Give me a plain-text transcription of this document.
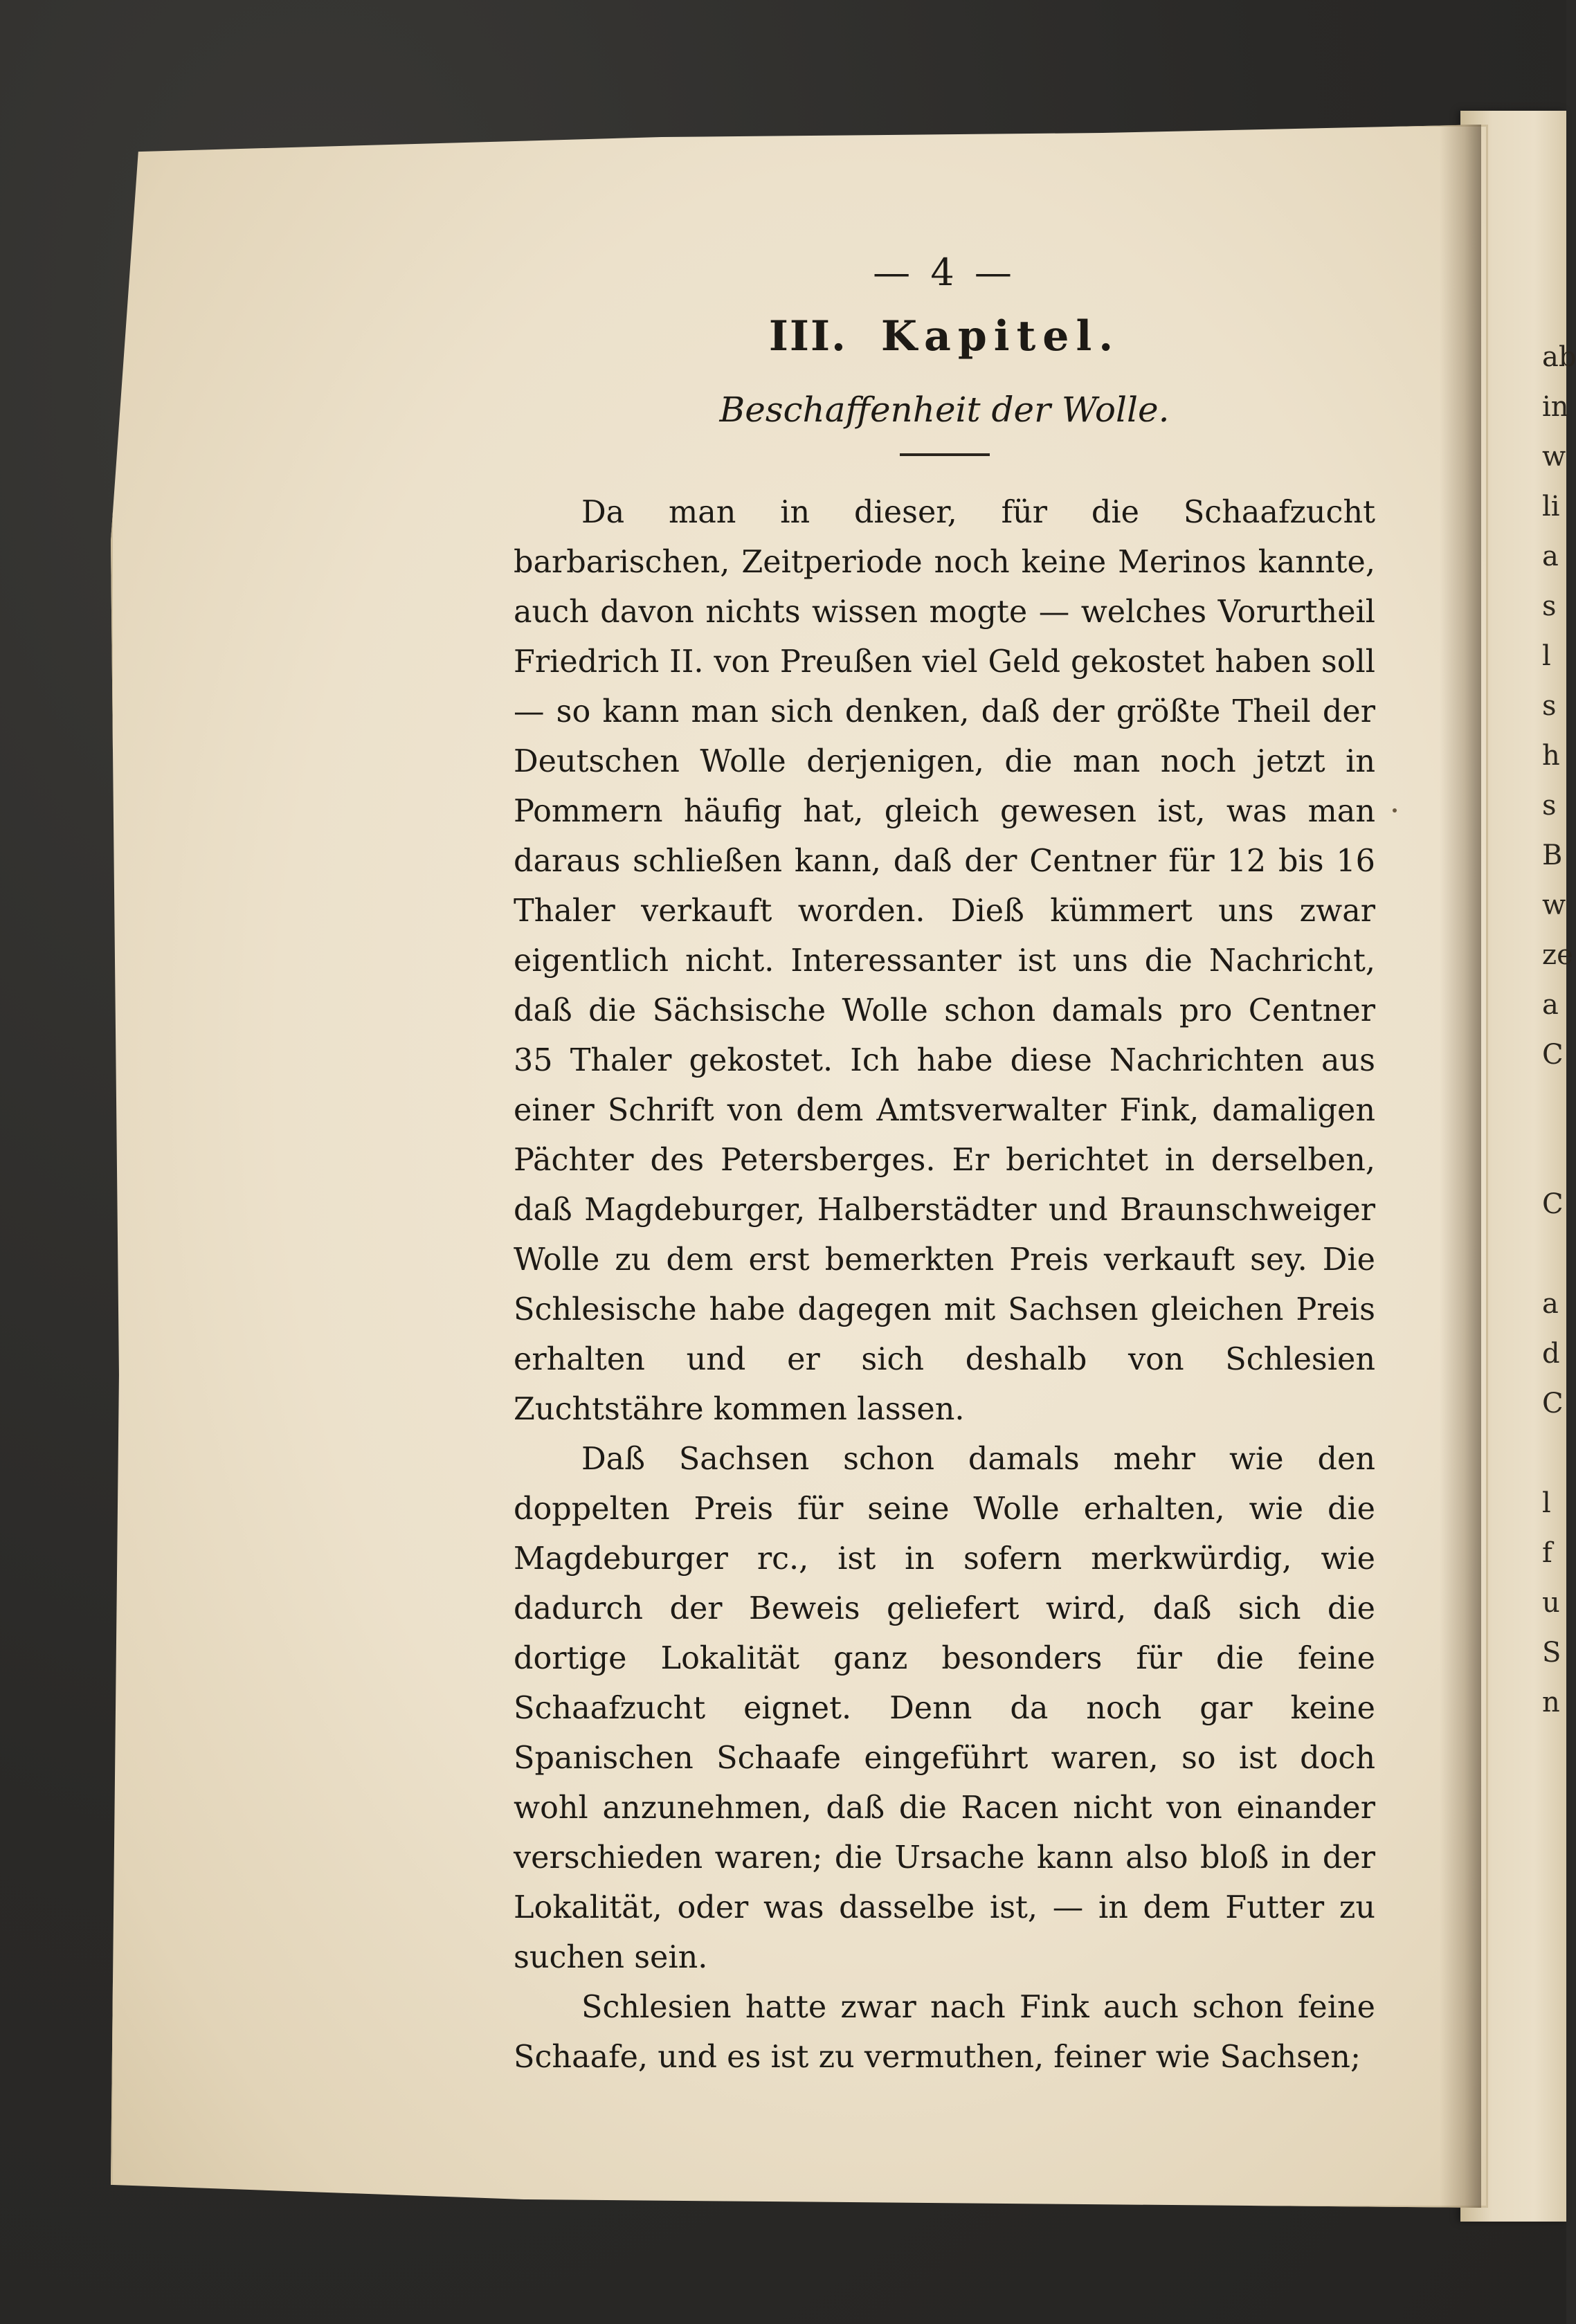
— 4 —
III. Kapitel.
Beschaffenheit der Wolle.

Da man in dieser, für die Schaafzucht barbarischen, Zeitperiode noch keine Merinos kannte, auch davon nichts wissen mogte — welches Vorurtheil Friedrich II. von Preußen viel Geld gekostet haben soll — so kann man sich denken, daß der größte Theil der Deutschen Wolle derjenigen, die man noch jetzt in Pommern häufig hat, gleich gewesen ist, was man daraus schließen kann, daß der Centner für 12 bis 16 Thaler verkauft worden. Dieß kümmert uns zwar eigentlich nicht. Interessanter ist uns die Nachricht, daß die Sächsische Wolle schon damals pro Centner 35 Thaler gekostet. Ich habe diese Nachrichten aus einer Schrift von dem Amtsverwalter Fink, damaligen Pächter des Petersberges. Er berichtet in derselben, daß Magdeburger, Halberstädter und Braunschweiger Wolle zu dem erst bemerkten Preis verkauft sey. Die Schlesische habe dagegen mit Sachsen gleichen Preis erhalten und er sich deshalb von Schlesien Zuchtstähre kommen lassen.

Daß Sachsen schon damals mehr wie den doppelten Preis für seine Wolle erhalten, wie die Magdeburger rc., ist in sofern merkwürdig, wie dadurch der Beweis geliefert wird, daß sich die dortige Lokalität ganz besonders für die feine Schaafzucht eignet. Denn da noch gar keine Spanischen Schaafe eingeführt waren, so ist doch wohl anzunehmen, daß die Racen nicht von einander verschieden waren; die Ursache kann also bloß in der Lokalität, oder was dasselbe ist, — in dem Futter zu suchen sein.

Schlesien hatte zwar nach Fink auch schon feine Schaafe, und es ist zu vermuthen, feiner wie Sachsen;

ab
in
w
li
a
s
l
s
h
s
B
w
ze
a
C
C
a
d
C
l
f
u
S
n
